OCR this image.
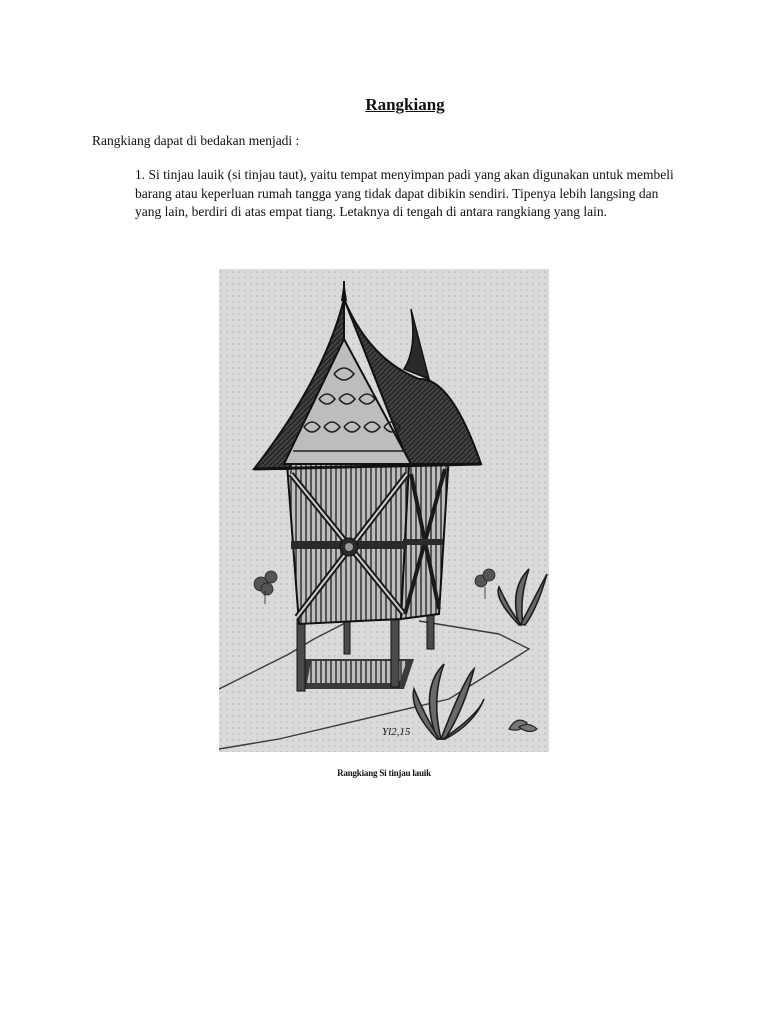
Rangkiang

Rangkiang dapat di bedakan menjadi :

1. Si tinjau lauik (si tinjau taut), yaitu tempat menyimpan padi yang akan digunakan untuk membeli barang atau keperluan rumah tangga yang tidak dapat dibikin sendiri. Tipenya lebih langsing dan yang lain, berdiri di atas empat tiang. Letaknya di tengah di antara rangkiang yang lain.

Yl2,15

Rangkiang Si tinjau lauik
